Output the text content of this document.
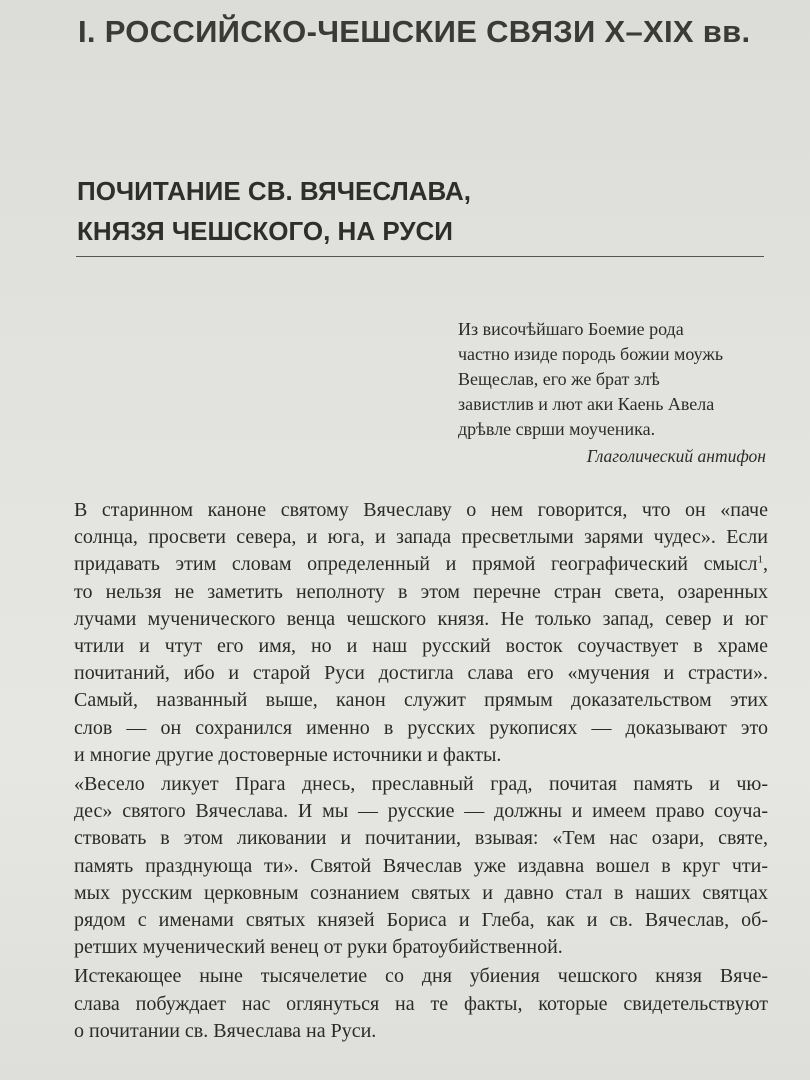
I. РОССИЙСКО-ЧЕШСКИЕ СВЯЗИ X–XIX вв.
ПОЧИТАНИЕ СВ. ВЯЧЕСЛАВА,
КНЯЗЯ ЧЕШСКОГО, НА РУСИ
Из височѣйшаго Боемие рода
частно изиде породь божии моужь
Вещеслав, его же брат злѣ
завистлив и лют аки Каень Авела
дрѣвле сврши моученика.
Глаголический антифон

В старинном каноне святому Вячеславу о нем говорится, что он «паче
солнца, просвети севера, и юга, и запада пресветлыми зарями чудес». Если
придавать этим словам определенный и прямой географический смысл$^1$,
то нельзя не заметить неполноту в этом перечне стран света, озаренных
лучами мученического венца чешского князя. Не только запад, север и юг
чтили и чтут его имя, но и наш русский восток соучаствует в храме
почитаний, ибо и старой Руси достигла слава его «мучения и страсти».
Самый, названный выше, канон служит прямым доказательством этих
слов — он сохранился именно в русских рукописях — доказывают это
и многие другие достоверные источники и факты.

«Весело ликует Прага днесь, преславный град, почитая память и чю-
дес» святого Вячеслава. И мы — русские — должны и имеем право соуча-
ствовать в этом ликовании и почитании, взывая: «Тем нас озари, святе,
память празднующа ти». Святой Вячеслав уже издавна вошел в круг чти-
мых русским церковным сознанием святых и давно стал в наших святцах
рядом с именами святых князей Бориса и Глеба, как и св. Вячеслав, об-
ретших мученический венец от руки братоубийственной.

Истекающее ныне тысячелетие со дня убиения чешского князя Вяче-
слава побуждает нас оглянуться на те факты, которые свидетельствуют
о почитании св. Вячеслава на Руси.
